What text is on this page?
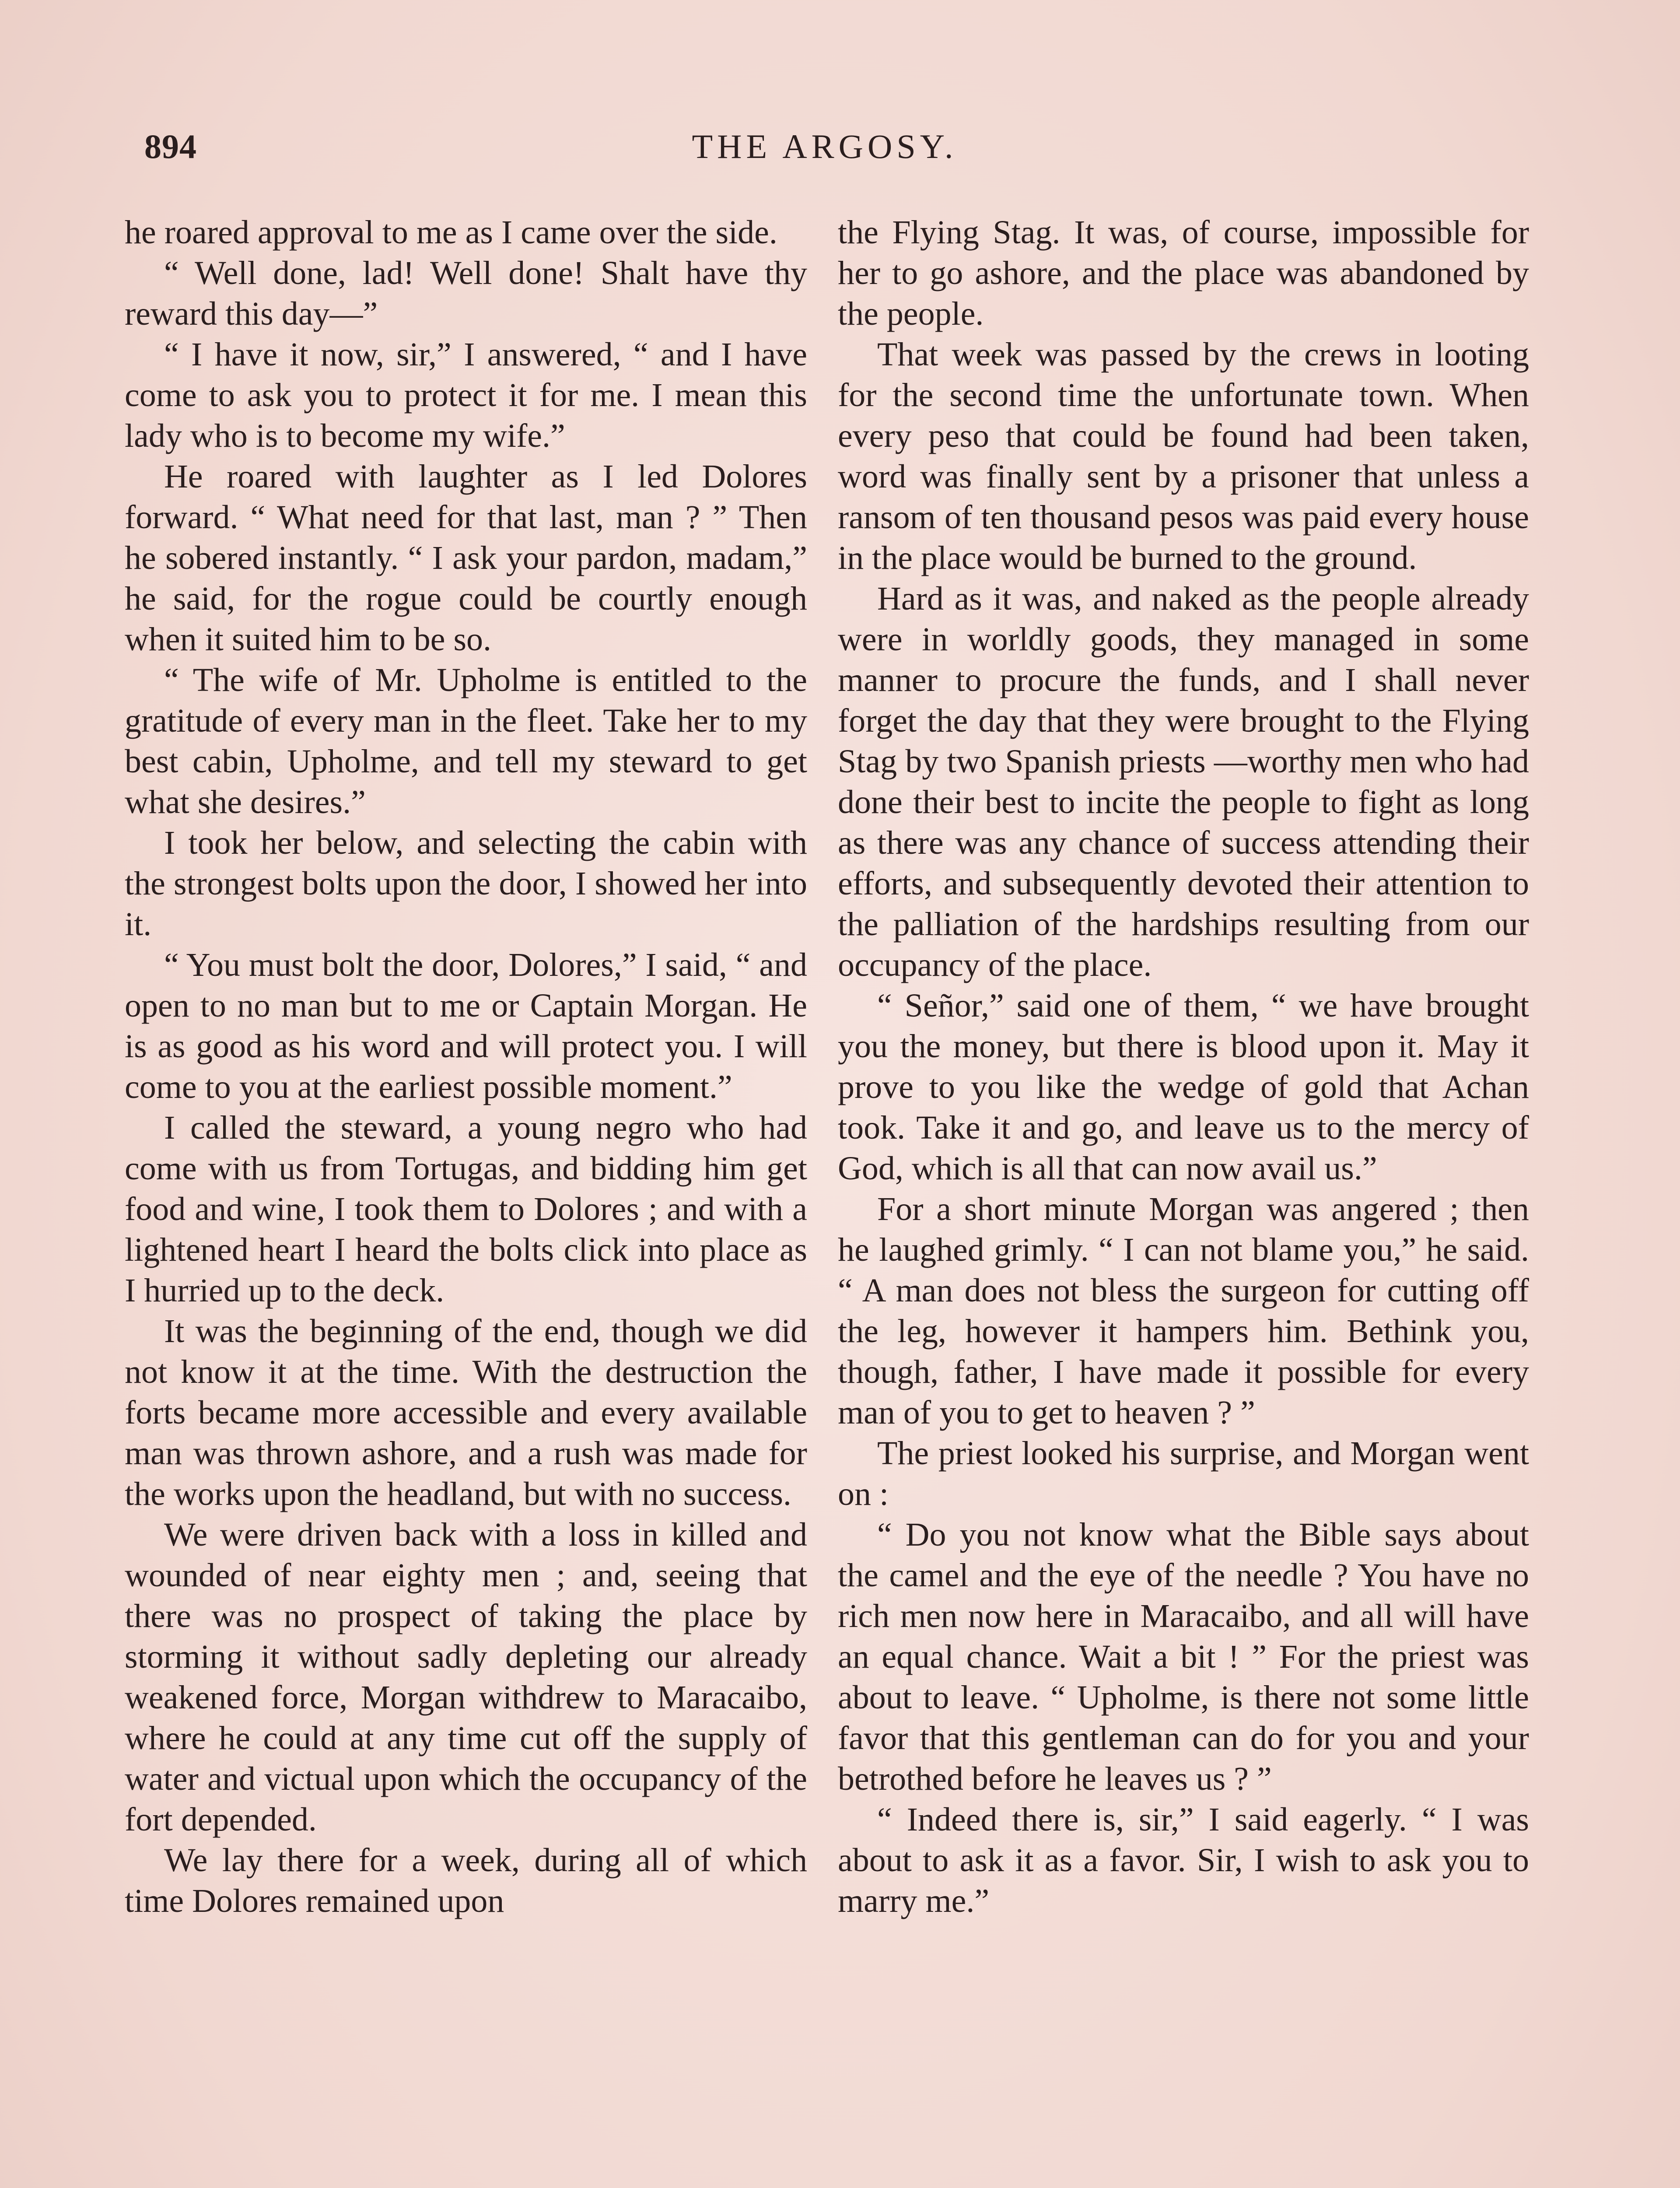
894	THE ARGOSY.

he roared approval to me as I came over the side.

“ Well done, lad! Well done! Shalt have thy reward this day—”

“ I have it now, sir,” I answered, “ and I have come to ask you to protect it for me. I mean this lady who is to become my wife.”

He roared with laughter as I led Dolores forward. “ What need for that last, man ? ” Then he sobered instantly. “ I ask your pardon, madam,” he said, for the rogue could be courtly enough when it suited him to be so.

“ The wife of Mr. Upholme is entitled to the gratitude of every man in the fleet. Take her to my best cabin, Upholme, and tell my steward to get what she desires.”

I took her below, and selecting the cabin with the strongest bolts upon the door, I showed her into it.

“ You must bolt the door, Dolores,” I said, “ and open to no man but to me or Captain Morgan. He is as good as his word and will protect you. I will come to you at the earliest possible moment.”

I called the steward, a young negro who had come with us from Tortugas, and bidding him get food and wine, I took them to Dolores ; and with a lightened heart I heard the bolts click into place as I hurried up to the deck.

It was the beginning of the end, though we did not know it at the time. With the destruction the forts became more accessible and every available man was thrown ashore, and a rush was made for the works upon the headland, but with no success.

We were driven back with a loss in killed and wounded of near eighty men ; and, seeing that there was no prospect of taking the place by storming it without sadly depleting our already weakened force, Morgan withdrew to Maracaibo, where he could at any time cut off the supply of water and victual upon which the occupancy of the fort depended.

We lay there for a week, during all of which time Dolores remained upon

the Flying Stag. It was, of course, impossible for her to go ashore, and the place was abandoned by the people.

That week was passed by the crews in looting for the second time the unfortunate town. When every peso that could be found had been taken, word was finally sent by a prisoner that unless a ransom of ten thousand pesos was paid every house in the place would be burned to the ground.

Hard as it was, and naked as the people already were in worldly goods, they managed in some manner to procure the funds, and I shall never forget the day that they were brought to the Flying Stag by two Spanish priests —worthy men who had done their best to incite the people to fight as long as there was any chance of success attending their efforts, and subsequently devoted their attention to the palliation of the hardships resulting from our occupancy of the place.

“ Señor,” said one of them, “ we have brought you the money, but there is blood upon it. May it prove to you like the wedge of gold that Achan took. Take it and go, and leave us to the mercy of God, which is all that can now avail us.”

For a short minute Morgan was angered ; then he laughed grimly. “ I can not blame you,” he said. “ A man does not bless the surgeon for cutting off the leg, however it hampers him. Bethink you, though, father, I have made it possible for every man of you to get to heaven ? ”

The priest looked his surprise, and Morgan went on :

“ Do you not know what the Bible says about the camel and the eye of the needle ? You have no rich men now here in Maracaibo, and all will have an equal chance. Wait a bit ! ” For the priest was about to leave. “ Upholme, is there not some little favor that this gentleman can do for you and your betrothed before he leaves us ? ”

“ Indeed there is, sir,” I said eagerly. “ I was about to ask it as a favor. Sir, I wish to ask you to marry me.”
